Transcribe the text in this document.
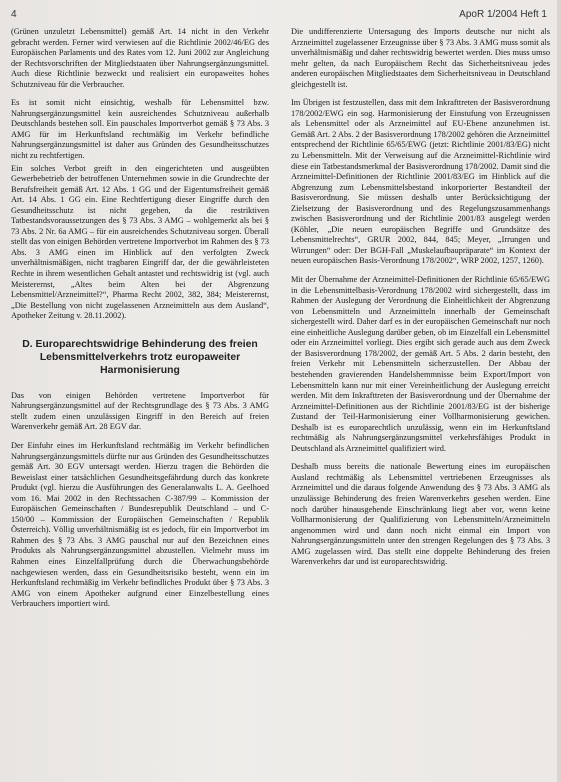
4	ApoR 1/2004 Heft 1

(Grünen unzuletzt Lebensmittel) gemäß Art. 14 nicht in den Verkehr gebracht werden. Ferner wird verwiesen auf die Richtlinie 2002/46/EG des Europäischen Parlaments und des Rates vom 12. Juni 2002 zur Angleichung der Rechtsvorschriften der Mitgliedstaaten über Nahrungsergänzungsmittel. Auch diese Richtlinie bezweckt und realisiert ein europaweites hohes Schutzniveau für die Verbraucher.

Es ist somit nicht einsichtig, weshalb für Lebensmittel bzw. Nahrungsergänzungsmittel kein ausreichendes Schutzniveau außerhalb Deutschlands bestehen soll. Ein pauschales Importverbot gemäß § 73 Abs. 3 AMG für im Herkunftsland rechtmäßig im Verkehr befindliche Nahrungsergänzungsmittel ist daher aus Gründen des Gesundheitsschutzes nicht zu rechtfertigen.

Ein solches Verbot greift in den eingerichteten und ausgeübten Gewerbebetrieb der betroffenen Unternehmen sowie in die Grundrechte der Berufsfreiheit gemäß Art. 12 Abs. 1 GG und der Eigentumsfreiheit gemäß Art. 14 Abs. 1 GG ein. Eine Rechtfertigung dieser Eingriffe durch den Gesundheitsschutz ist nicht gegeben, da die restriktiven Tatbestandsvoraussetzungen des § 73 Abs. 3 AMG – wohlgemerkt als bei § 73 Abs. 2 Nr. 6a AMG – für ein ausreichendes Schutzniveau sorgen. Überall stellt das von einigen Behörden vertretene Importverbot im Rahmen des § 73 Abs. 3 AMG einen im Hinblick auf den verfolgten Zweck unverhältnismäßigen, nicht tragbaren Eingriff dar, der die gewährleisteten Rechte in ihrem wesentlichen Gehalt antastet und rechtswidrig ist (vgl. auch Meisterernst, „Altes beim Alten bei der Abgrenzung Lebensmittel/Arzneimittel?“, Pharma Recht 2002, 382, 384; Meisterernst, „Die Bestellung von nicht zugelassenen Arzneimitteln aus dem Ausland“, Apotheker Zeitung v. 28.11.2002).

D. Europarechtswidrige Behinderung des freien Lebensmittelverkehrs trotz europaweiter Harmonisierung

Das von einigen Behörden vertretene Importverbot für Nahrungsergänzungsmittel auf der Rechtsgrundlage des § 73 Abs. 3 AMG stellt zudem einen unzulässigen Eingriff in den Bereich auf freien Warenverkehr gemäß Art. 28 EGV dar.

Der Einfuhr eines im Herkunftsland rechtmäßig im Verkehr befindlichen Nahrungsergänzungsmittels dürfte nur aus Gründen des Gesundheitsschutzes gemäß Art. 30 EGV untersagt werden. Hierzu tragen die Behörden die Beweislast einer tatsächlichen Gesundheitsgefährdung durch das konkrete Produkt (vgl. hierzu die Ausführungen des Generalanwalts L. A. Geelhoed vom 16. Mai 2002 in den Rechtssachen C-387/99 – Kommission der Europäischen Gemeinschaften / Bundesrepublik Deutschland – und C-150/00 – Kommission der Europäischen Gemeinschaften / Republik Österreich). Völlig unverhältnismäßig ist es jedoch, für ein Importverbot im Rahmen des § 73 Abs. 3 AMG pauschal nur auf den Bezeichnen eines Produkts als Nahrungsergänzungsmittel abzustellen. Vielmehr muss im Rahmen eines Einzelfallprüfung durch die Überwachungsbehörde nachgewiesen werden, dass ein Gesundheitsrisiko besteht, wenn ein im Herkunftsland rechtmäßig im Verkehr befindliches Produkt über § 73 Abs. 3 AMG von einem Apotheker aufgrund einer Einzelbestellung eines Verbrauchers importiert wird.

Die undifferenzierte Untersagung des Imports deutsche nur nicht als Arzneimittel zugelassener Erzeugnisse über § 73 Abs. 3 AMG muss somit als unverhältnismäßig und daher rechtswidrig bewertet werden. Dies muss umso mehr gelten, da nach Europäischem Recht das Sicherheitsniveau jedes anderen europäischen Mitgliedstaates dem Sicherheitsniveau in Deutschland gleichgestellt ist.

Im Übrigen ist festzustellen, dass mit dem Inkrafttreten der Basisverordnung 178/2002/EWG ein sog. Harmonisierung der Einstufung von Erzeugnissen als Lebensmittel oder als Arzneimittel auf EU-Ebene anzunehmen ist. Gemäß Art. 2 Abs. 2 der Basisverordnung 178/2002 gehören die Arzneimittel entsprechend der Richtlinie 65/65/EWG (jetzt: Richtlinie 2001/83/EG) nicht zu Lebensmitteln. Mit der Verweisung auf die Arzneimittel-Richtlinie wird diese ein Tatbestandsmerkmal der Basisverordnung 178/2002. Damit sind die Arzneimittel-Definitionen der Richtlinie 2001/83/EG im Hinblick auf die Abgrenzung zum Lebensmittelsbestand inkorporierter Bestandteil der Basisverordnung. Sie müssen deshalb unter Berücksichtigung der Zielsetzung der Basisverordnung und des Regelungszusammenhangs zwischen Basisverordnung und der Richtlinie 2001/83 ausgelegt werden (Köhler, „Die neuen europäischen Begriffe und Grundsätze des Lebensmittelrechts“, GRUR 2002, 844, 845; Meyer, „Irrungen und Wirrungen“ oder: Der BGH-Fall „Muskelaufbaupräparate“ im Kontext der neuen europäischen Basis-Verordnung 178/2002“, WRP 2002, 1257, 1260).

Mit der Übernahme der Arzneimittel-Definitionen der Richtlinie 65/65/EWG in die Lebensmittelbasis-Verordnung 178/2002 wird sichergestellt, dass im Rahmen der Auslegung der Verordnung die Einheitlichkeit der Abgrenzung von Lebensmitteln und Arzneimitteln innerhalb der Gemeinschaft sichergestellt wird. Daher darf es in der europäischen Gemeinschaft nur noch eine einheitliche Auslegung darüber geben, ob im Einzelfall ein Lebensmittel oder ein Arzneimittel vorliegt. Dies ergibt sich gerade auch aus dem Zweck der Basisverordnung 178/2002, der gemäß Art. 5 Abs. 2 darin besteht, den freien Verkehr mit Lebensmitteln sicherzustellen. Der Abbau der bestehenden gravierenden Handelshemmnisse beim Export/Import von Lebensmitteln kann nur mit einer Vereinheitlichung der Auslegung erreicht werden. Mit dem Inkrafttreten der Basisverordnung und der Übernahme der Arzneimittel-Definitionen aus der Richtlinie 2001/83/EG ist der bisherige Zustand der Teil-Harmonisierung einer Vollharmonisierung gewichen. Deshalb ist es europarechtlich unzulässig, wenn ein im Herkunftsland rechtmäßig als Nahrungsergänzungsmittel verkehrsfähiges Produkt in Deutschland als Arzneimittel qualifiziert wird.

Deshalb muss bereits die nationale Bewertung eines im europäischen Ausland rechtmäßig als Lebensmittel vertriebenen Erzeugnisses als Arzneimittel und die daraus folgende Anwendung des § 73 Abs. 3 AMG als unzulässige Behinderung des freien Warenverkehrs gesehen werden. Eine noch darüber hinausgehende Einschränkung liegt aber vor, wenn keine Vollharmonisierung der Qualifizierung von Lebensmitteln/Arzneimitteln angenommen wird und dann noch nicht einmal ein Import von Nahrungsergänzungsmitteln unter den strengen Regelungen des § 73 Abs. 3 AMG zugelassen wird. Das stellt eine doppelte Behinderung des freien Warenverkehrs dar und ist europarechtswidrig.
